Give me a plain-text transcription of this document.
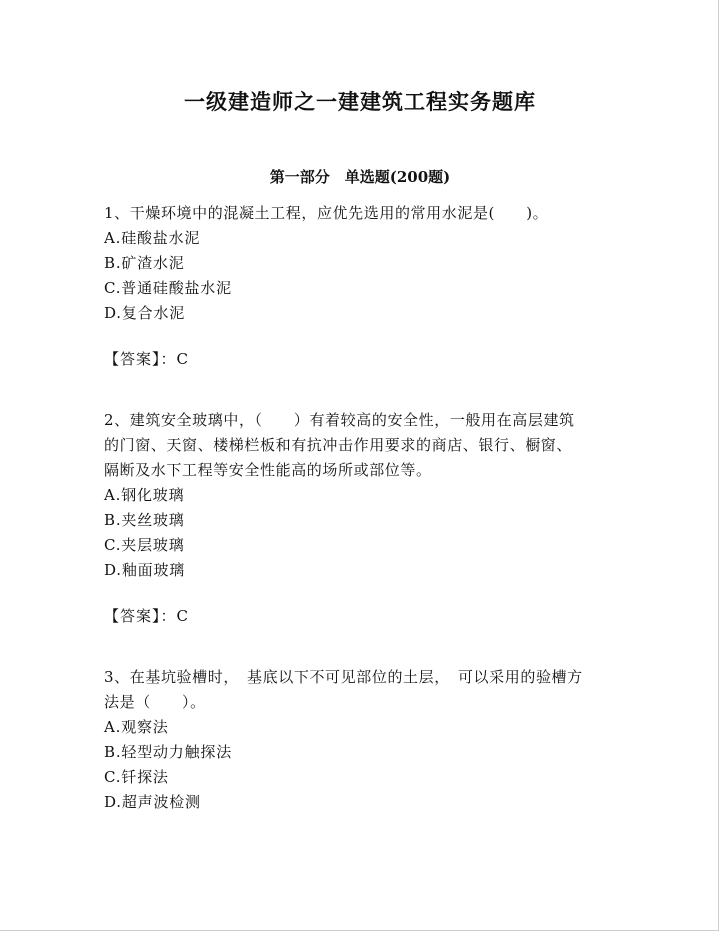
一级建造师之一建建筑工程实务题库
第一部分　单选题(200题)
1、干燥环境中的混凝土工程，应优先选用的常用水泥是(　　)。
A.硅酸盐水泥
B.矿渣水泥
C.普通硅酸盐水泥
D.复合水泥
【答案】：C
2、建筑安全玻璃中，（　　）有着较高的安全性，一般用在高层建筑
的门窗、天窗、楼梯栏板和有抗冲击作用要求的商店、银行、橱窗、
隔断及水下工程等安全性能高的场所或部位等。
A.钢化玻璃
B.夹丝玻璃
C.夹层玻璃
D.釉面玻璃
【答案】：C
3、在基坑验槽时，　基底以下不可见部位的土层，　可以采用的验槽方
法是（　　）。
A.观察法
B.轻型动力触探法
C.钎探法
D.超声波检测
